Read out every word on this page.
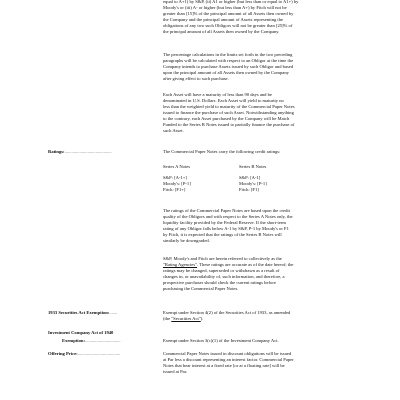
equal to A+1) by S&P, (ii) A1 or higher (but less than or equal to A1+) by

Moody's or (iii) A- or higher (but less than A+) by Fitch will not be

greater than [15]% of the principal amount of all Assets then owned by

the Company and the principal amount of Assets representing the

obligations of any two such Obligors will not be greater than [25]% of

the principal amount of all Assets then owned by the Company.

The percentage calculations in the limits set forth in the two preceding

paragraphs will be calculated with respect to an Obligor at the time the

Company intends to purchase Assets issued by such Obligor and based

upon the principal amount of all Assets then owned by the Company

after giving effect to such purchase.

Each Asset will have a maturity of less than 90 days and be

denominated in U.S. Dollars. Each Asset will yield to maturity no

less than the weighted yield to maturity of the Commercial Paper Notes

issued to finance the purchase of such Asset. Notwithstanding anything

to the contrary, each Asset purchased by the Company will be Match

Funded to the Series B Notes issued to partially finance the purchase of

such Asset.

Ratings:.........................................	The Commercial Paper Notes carry the following credit ratings:

Series A Notes	Series B Notes
S&P: [A-1+]	S&P: [A-1]
Moody's: [P-1]	Moody's: [P-1]
Fitch: [F1+]	Fitch: [F1]

The ratings of the Commercial Paper Notes are based upon the credit

quality of the Obligors and with respect to the Series A Notes only, the

liquidity facility provided by the Federal Reserve. If the short-term

rating of any Obligor falls below A-1 by S&P, P-1 by Moody's or F1

by Fitch, it is expected that the ratings of the Series B Notes will

similarly be downgraded.

S&P, Moody's and Fitch are herein referred to collectively as the

"Rating Agencies". These ratings are accurate as of the date hereof; the

ratings may be changed, superseded or withdrawn as a result of

changes in, or unavailability of, such information, and therefore, a

prospective purchaser should check the current ratings before

purchasing the Commercial Paper Notes.

1933 Securities Act Exemption:.......	Exempt under Section 4(2) of the Securities Act of 1933, as amended

(the "Securities Act").

Investment Company Act of 1940
Exemption:...............................	Exempt under Section 3(c)(1) of the Investment Company Act.

Offering Price:.....................................	Commercial Paper Notes issued in discount obligations will be issued

at Par less a discount representing an interest factor. Commercial Paper

Notes that bear interest at a fixed rate [or at a floating rate] will be

issued at Par.
